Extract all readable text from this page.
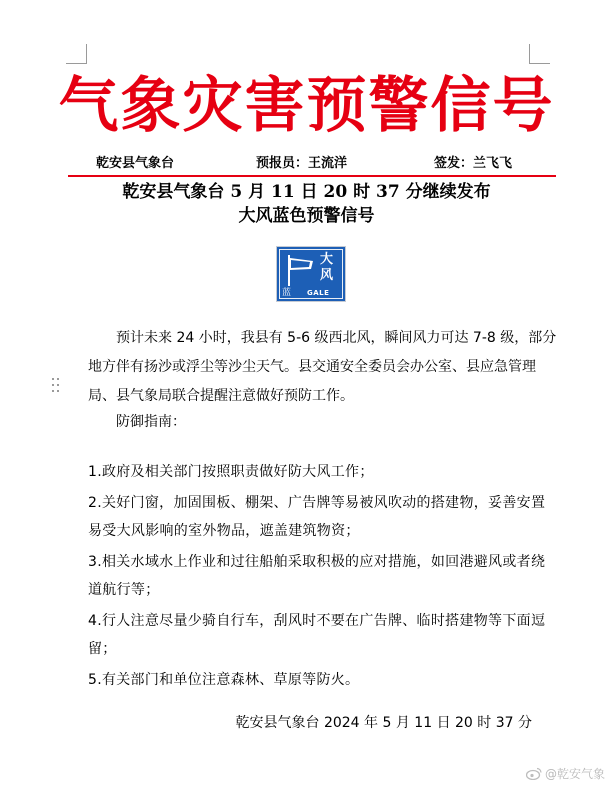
气象灾害预警信号
乾安县气象台	预报员：王流洋	签发：兰飞飞
乾安县气象台 5 月 11 日 20 时 37 分继续发布
大风蓝色预警信号
大
风
蓝 GALE

预计未来 24 小时，我县有 5-6 级西北风，瞬间风力可达 7-8 级，部分地方伴有扬沙或浮尘等沙尘天气。县交通安全委员会办公室、县应急管理局、县气象局联合提醒注意做好预防工作。

防御指南：
1.政府及相关部门按照职责做好防大风工作；
2.关好门窗，加固围板、棚架、广告牌等易被风吹动的搭建物，妥善安置易受大风影响的室外物品，遮盖建筑物资；
3.相关水域水上作业和过往船舶采取积极的应对措施，如回港避风或者绕道航行等；
4.行人注意尽量少骑自行车，刮风时不要在广告牌、临时搭建物等下面逗留；
5.有关部门和单位注意森林、草原等防火。
乾安县气象台 2024 年 5 月 11 日 20 时 37 分
@乾安气象
